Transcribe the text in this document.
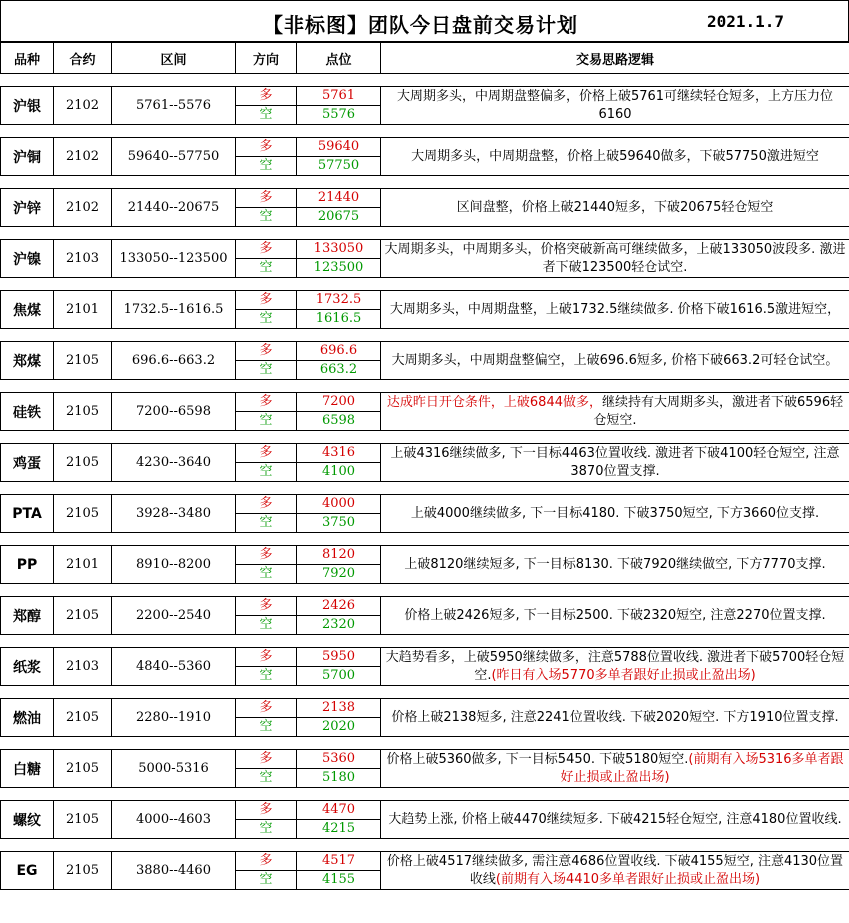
【非标图】团队今日盘前交易计划	2021.1.7
品种	合约	区间	方向	点位	交易思路逻辑

沪银	2102	5761--5576	多	5761	大周期多头，中周期盘整偏多，价格上破5761可继续轻仓短多，上方压力位6160
			空	5576	

沪铜	2102	59640--57750	多	59640	大周期多头，中周期盘整，价格上破59640做多，下破57750激进短空
			空	57750	

沪锌	2102	21440--20675	多	21440	区间盘整，价格上破21440短多，下破20675轻仓短空
			空	20675	

沪镍	2103	133050--123500	多	133050	大周期多头，中周期多头，价格突破新高可继续做多，上破133050波段多. 激进者下破123500轻仓试空.
			空	123500	

焦煤	2101	1732.5--1616.5	多	1732.5	大周期多头，中周期盘整，上破1732.5继续做多. 价格下破1616.5激进短空，
			空	1616.5	

郑煤	2105	696.6--663.2	多	696.6	大周期多头，中周期盘整偏空，上破696.6短多, 价格下破663.2可轻仓试空。
			空	663.2	

硅铁	2105	7200--6598	多	7200	达成昨日开仓条件，上破6844做多，继续持有大周期多头，激进者下破6596轻仓短空.
			空	6598	

鸡蛋	2105	4230--3640	多	4316	上破4316继续做多, 下一目标4463位置收线. 激进者下破4100轻仓短空, 注意3870位置支撑.
			空	4100	

PTA	2105	3928--3480	多	4000	上破4000继续做多, 下一目标4180. 下破3750短空, 下方3660位支撑.
			空	3750	

PP	2101	8910--8200	多	8120	上破8120继续短多, 下一目标8130. 下破7920继续做空, 下方7770支撑.
			空	7920	

郑醇	2105	2200--2540	多	2426	价格上破2426短多, 下一目标2500. 下破2320短空, 注意2270位置支撑.
			空	2320	

纸浆	2103	4840--5360	多	5950	大趋势看多，上破5950继续做多，注意5788位置收线. 激进者下破5700轻仓短空.(昨日有入场5770多单者跟好止损或止盈出场)
			空	5700	

燃油	2105	2280--1910	多	2138	价格上破2138短多, 注意2241位置收线. 下破2020短空. 下方1910位置支撑.
			空	2020	

白糖	2105	5000-5316	多	5360	价格上破5360做多, 下一目标5450. 下破5180短空.(前期有入场5316多单者跟好止损或止盈出场)
			空	5180	

螺纹	2105	4000--4603	多	4470	大趋势上涨, 价格上破4470继续短多. 下破4215轻仓短空, 注意4180位置收线.
			空	4215	

EG	2105	3880--4460	多	4517	价格上破4517继续做多, 需注意4686位置收线. 下破4155短空, 注意4130位置收线(前期有入场4410多单者跟好止损或止盈出场)
			空	4155	
